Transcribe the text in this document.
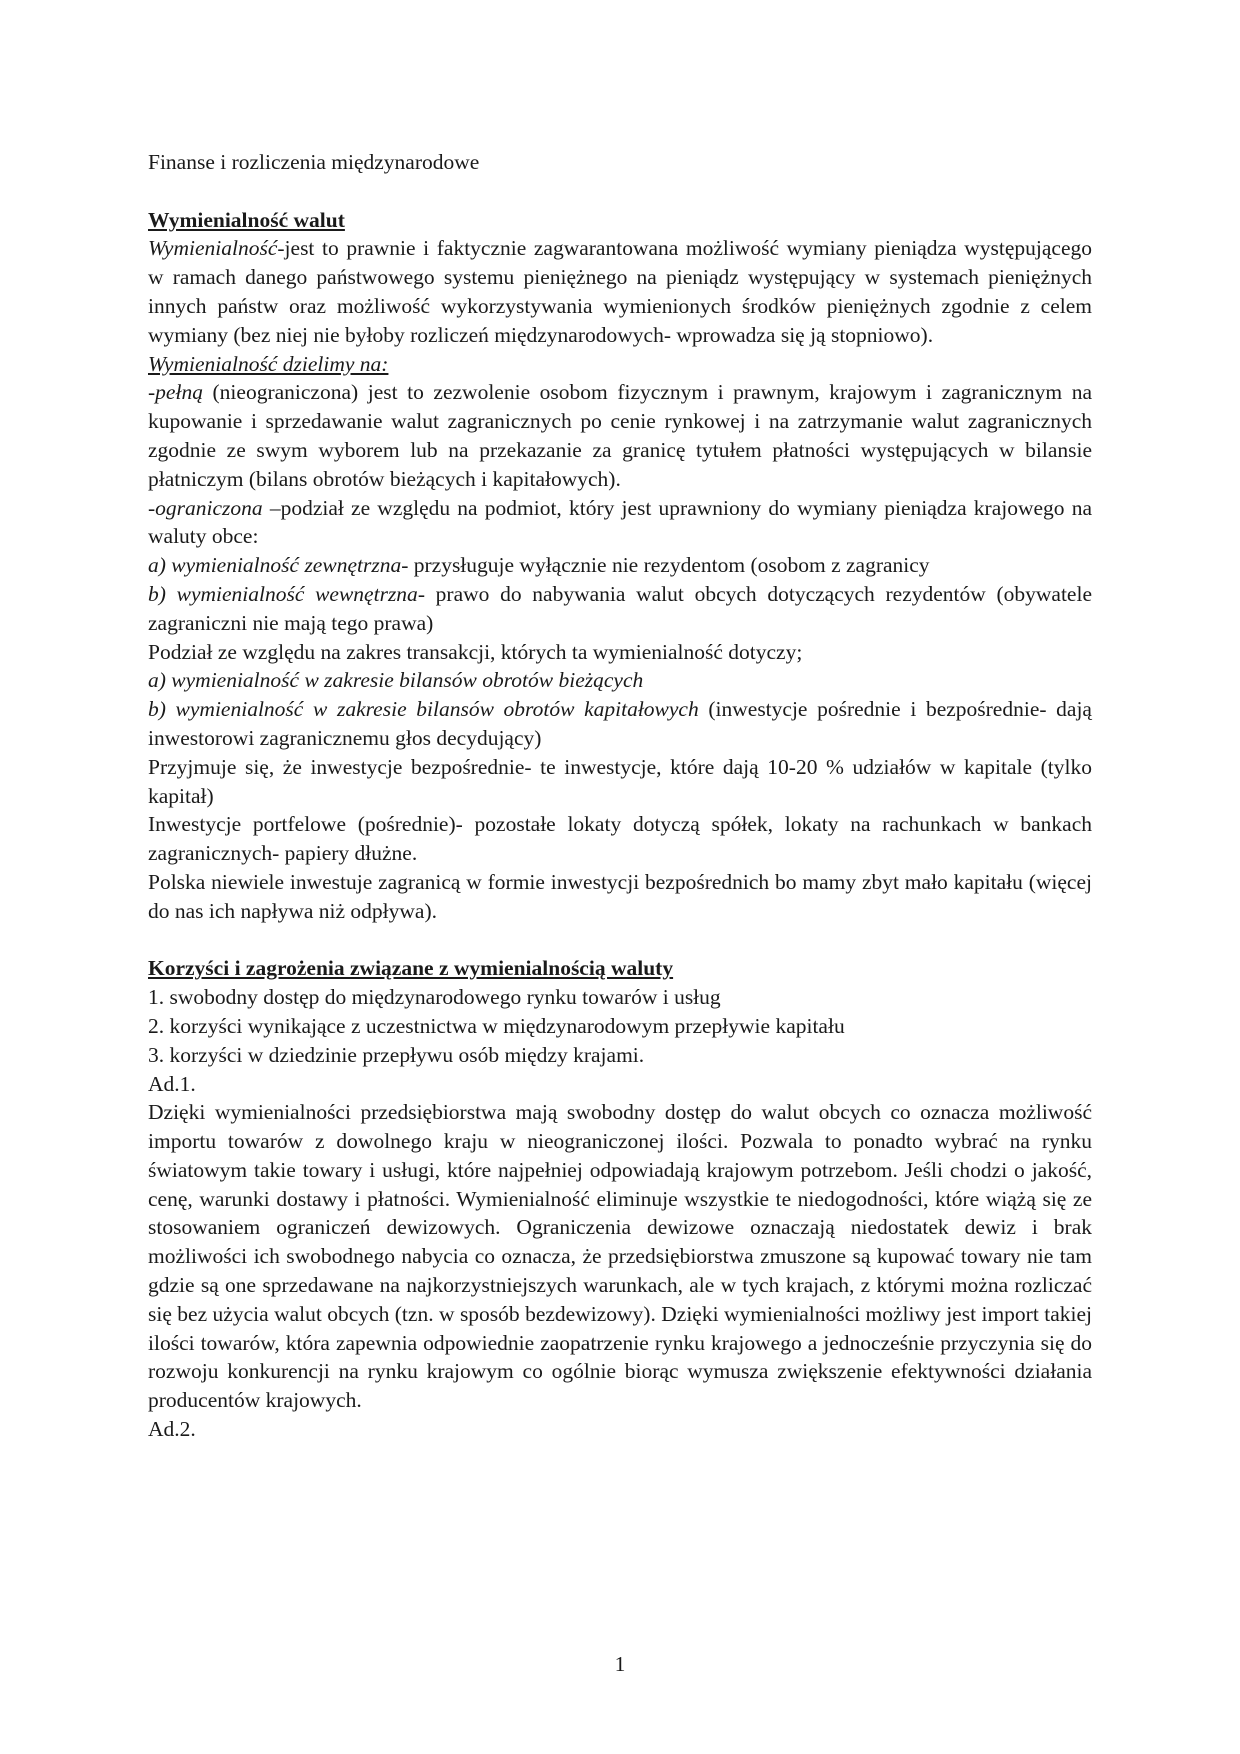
Finanse i rozliczenia międzynarodowe

Wymienialność walut

Wymienialność-jest to prawnie i faktycznie zagwarantowana możliwość wymiany pieniądza występującego w ramach danego państwowego systemu pieniężnego na pieniądz występujący w systemach pieniężnych innych państw oraz możliwość wykorzystywania wymienionych środków pieniężnych zgodnie z celem wymiany (bez niej nie byłoby rozliczeń międzynarodowych- wprowadza się ją stopniowo).

Wymienialność dzielimy na:

-pełną (nieograniczona) jest to zezwolenie osobom fizycznym i prawnym, krajowym i zagranicznym na kupowanie i sprzedawanie walut zagranicznych po cenie rynkowej i na zatrzymanie walut zagranicznych zgodnie ze swym wyborem lub na przekazanie za granicę tytułem płatności występujących w bilansie płatniczym (bilans obrotów bieżących i kapitałowych).

-ograniczona –podział ze względu na podmiot, który jest uprawniony do wymiany pieniądza krajowego na waluty obce:

a) wymienialność zewnętrzna- przysługuje wyłącznie nie rezydentom (osobom z zagranicy

b) wymienialność wewnętrzna- prawo do nabywania walut obcych dotyczących rezydentów (obywatele zagraniczni nie mają tego prawa)

Podział ze względu na zakres transakcji, których ta wymienialność dotyczy;

a) wymienialność w zakresie bilansów obrotów bieżących

b) wymienialność w zakresie bilansów obrotów kapitałowych (inwestycje pośrednie i bezpośrednie- dają inwestorowi zagranicznemu głos decydujący)

Przyjmuje się, że inwestycje bezpośrednie- te inwestycje, które dają 10-20 % udziałów w kapitale (tylko kapitał)

Inwestycje portfelowe (pośrednie)- pozostałe lokaty dotyczą spółek, lokaty na rachunkach w bankach zagranicznych- papiery dłużne.

Polska niewiele inwestuje zagranicą w formie inwestycji bezpośrednich bo mamy zbyt mało kapitału (więcej do nas ich napływa niż odpływa).

Korzyści i zagrożenia związane z wymienialnością waluty

1. swobodny dostęp do międzynarodowego rynku towarów i usług

2. korzyści wynikające z uczestnictwa w międzynarodowym przepływie kapitału

3. korzyści w dziedzinie przepływu osób między krajami.

Ad.1.

Dzięki wymienialności przedsiębiorstwa mają swobodny dostęp do walut obcych co oznacza możliwość importu towarów z dowolnego kraju w nieograniczonej ilości. Pozwala to ponadto wybrać na rynku światowym takie towary i usługi, które najpełniej odpowiadają krajowym potrzebom. Jeśli chodzi o jakość, cenę, warunki dostawy i płatności. Wymienialność eliminuje wszystkie te niedogodności, które wiążą się ze stosowaniem ograniczeń dewizowych. Ograniczenia dewizowe oznaczają niedostatek dewiz i brak możliwości ich swobodnego nabycia co oznacza, że przedsiębiorstwa zmuszone są kupować towary nie tam gdzie są one sprzedawane na najkorzystniejszych warunkach, ale w tych krajach, z którymi można rozliczać się bez użycia walut obcych (tzn. w sposób bezdewizowy). Dzięki wymienialności możliwy jest import takiej ilości towarów, która zapewnia odpowiednie zaopatrzenie rynku krajowego a jednocześnie przyczynia się do rozwoju konkurencji na rynku krajowym co ogólnie biorąc wymusza zwiększenie efektywności działania producentów krajowych.

Ad.2.

1
